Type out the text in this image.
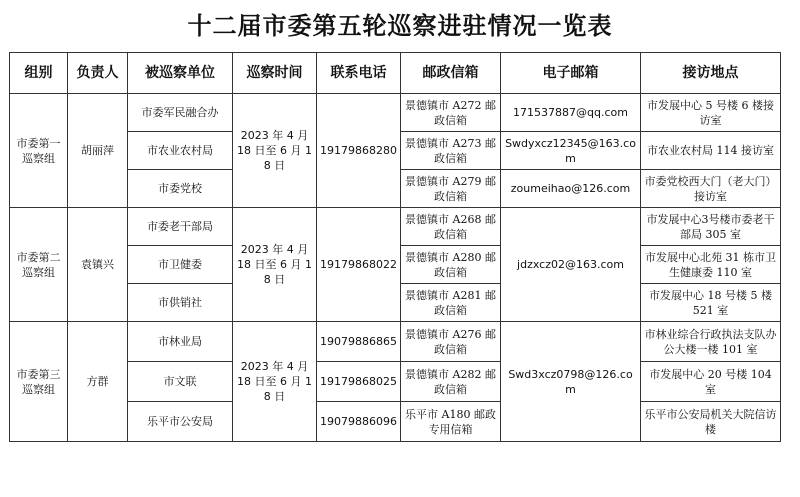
十二届市委第五轮巡察进驻情况一览表
组别	负责人	被巡察单位	巡察时间	联系电话	邮政信箱	电子邮箱	接访地点
市委第一巡察组	胡丽萍	市委军民融合办	2023 年 4 月 18 日至 6 月 18 日	19179868280	景德镇市 A272 邮政信箱	171537887@qq.com	市发展中心 5 号楼 6 楼接访室
		市农业农村局			景德镇市 A273 邮政信箱	Swdyxcz12345@163.com	市农业农村局 114 接访室
		市委党校			景德镇市 A279 邮政信箱	zoumeihao@126.com	市委党校西大门（老大门）接访室
市委第二巡察组	袁镇兴	市委老干部局	2023 年 4 月 18 日至 6 月 18 日	19179868022	景德镇市 A268 邮政信箱	jdzxcz02@163.com	市发展中心3号楼市委老干部局 305 室
		市卫健委			景德镇市 A280 邮政信箱		市发展中心北苑 31 栋市卫生健康委 110 室
		市供销社			景德镇市 A281 邮政信箱		市发展中心 18 号楼 5 楼 521 室
市委第三巡察组	方群	市林业局	2023 年 4 月 18 日至 6 月 18 日	19079886865	景德镇市 A276 邮政信箱	Swd3xcz0798@126.com	市林业综合行政执法支队办公大楼一楼 101 室
		市文联		19179868025	景德镇市 A282 邮政信箱		市发展中心 20 号楼 104 室
		乐平市公安局		19079886096	乐平市 A180 邮政专用信箱		乐平市公安局机关大院信访楼
